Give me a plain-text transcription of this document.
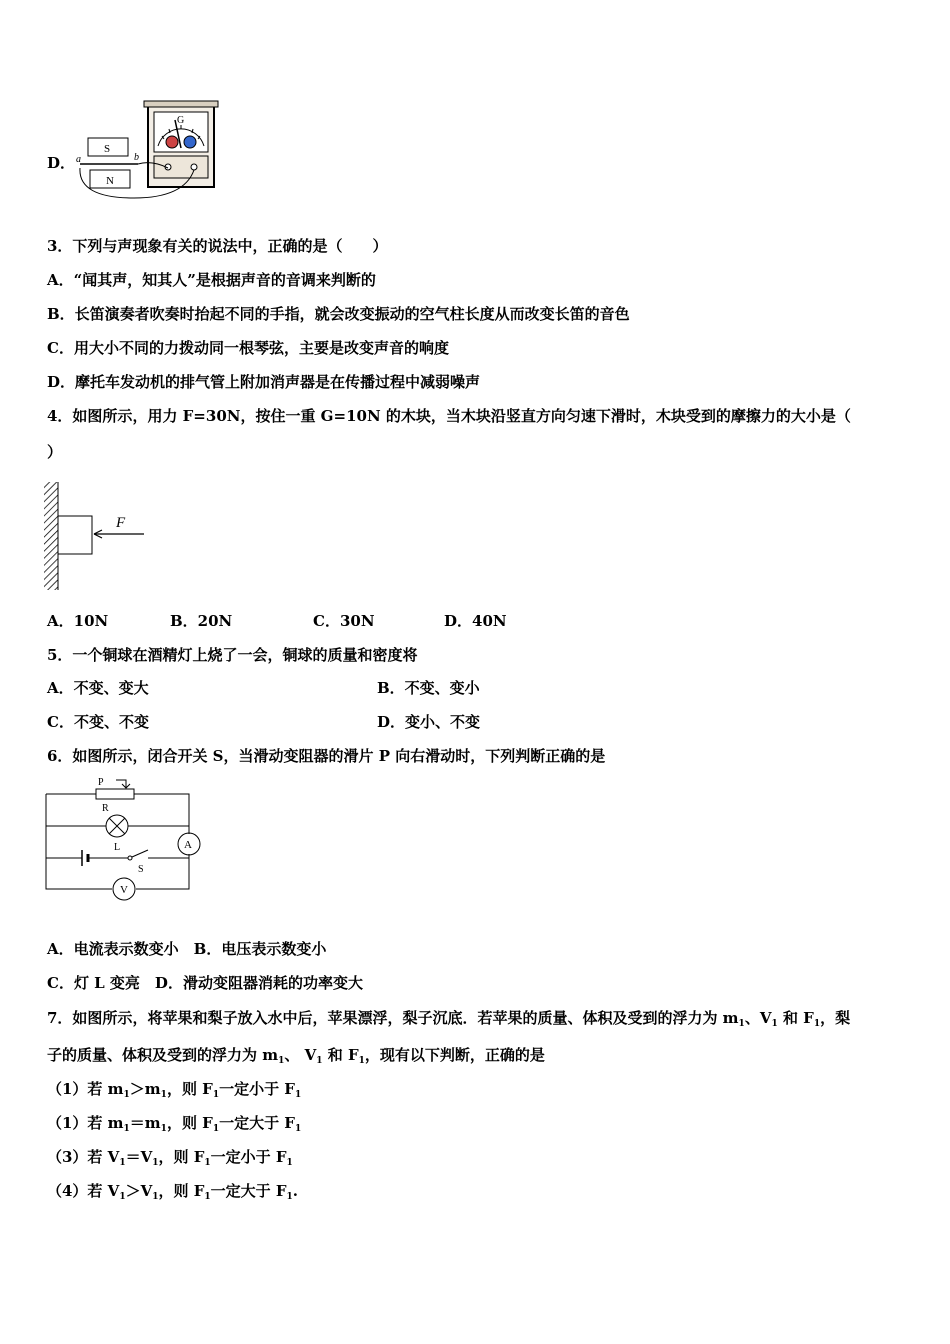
D．
G
S
N
a	b
3．下列与声现象有关的说法中，正确的是（　　）
A．“闻其声，知其人”是根据声音的音调来判断的
B．长笛演奏者吹奏时抬起不同的手指，就会改变振动的空气柱长度从而改变长笛的音色
C．用大小不同的力拨动同一根琴弦，主要是改变声音的响度
D．摩托车发动机的排气管上附加消声器是在传播过程中减弱噪声
4．如图所示，用力 F=30N，按住一重 G=10N 的木块，当木块沿竖直方向匀速下滑时，木块受到的摩擦力的大小是（
）
F
A．10N	B．20N	C．30N	D．40N
5．一个铜球在酒精灯上烧了一会，铜球的质量和密度将
A．不变、变大	B．不变、变小
C．不变、不变	D．变小、不变
6．如图所示，闭合开关 S，当滑动变阻器的滑片 P 向右滑动时，下列判断正确的是
P
R
L
S
A
V
A．电流表示数变小　B．电压表示数变小
C．灯 L 变亮　D．滑动变阻器消耗的功率变大
7．如图所示，将苹果和梨子放入水中后，苹果漂浮，梨子沉底．若苹果的质量、体积及受到的浮力为 $m_1$、$V_1$ 和 $F_1$，梨
子的质量、体积及受到的浮力为 $m_1$、 $V_1$ 和 $F_1$，现有以下判断，正确的是
（1）若 $m_1>m_1$，则 $F_1$一定小于 $F_1$
（1）若 $m_1=m_1$，则 $F_1$一定大于 $F_1$
（3）若 $V_1=V_1$，则 $F_1$一定小于 $F_1$
（4）若 $V_1>V_1$，则 $F_1$一定大于 $F_1$.
